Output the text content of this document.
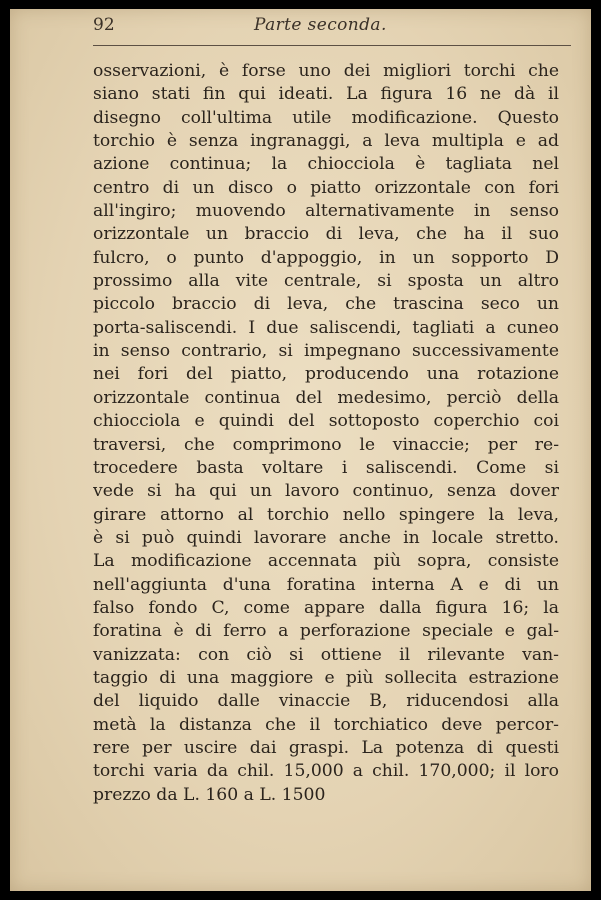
92	Parte seconda.
osservazioni, è forse uno dei migliori torchi che
siano stati fin qui ideati. La figura 16 ne dà il
disegno coll'ultima utile modificazione. Questo
torchio è senza ingranaggi, a leva multipla e ad
azione continua; la chiocciola è tagliata nel
centro di un disco o piatto orizzontale con fori
all'ingiro; muovendo alternativamente in senso
orizzontale un braccio di leva, che ha il suo
fulcro, o punto d'appoggio, in un sopporto D
prossimo alla vite centrale, si sposta un altro
piccolo braccio di leva, che trascina seco un
porta-saliscendi. I due saliscendi, tagliati a cuneo
in senso contrario, si impegnano successivamente
nei fori del piatto, producendo una rotazione
orizzontale continua del medesimo, perciò della
chiocciola e quindi del sottoposto coperchio coi
traversi, che comprimono le vinaccie; per re-
trocedere basta voltare i saliscendi. Come si
vede si ha qui un lavoro continuo, senza dover
girare attorno al torchio nello spingere la leva,
è si può quindi lavorare anche in locale stretto.
La modificazione accennata più sopra, consiste
nell'aggiunta d'una foratina interna A e di un
falso fondo C, come appare dalla figura 16; la
foratina è di ferro a perforazione speciale e gal-
vanizzata: con ciò si ottiene il rilevante van-
taggio di una maggiore e più sollecita estrazione
del liquido dalle vinaccie B, riducendosi alla
metà la distanza che il torchiatico deve percor-
rere per uscire dai graspi. La potenza di questi
torchi varia da chil. 15,000 a chil. 170,000; il loro
prezzo da L. 160 a L. 1500
